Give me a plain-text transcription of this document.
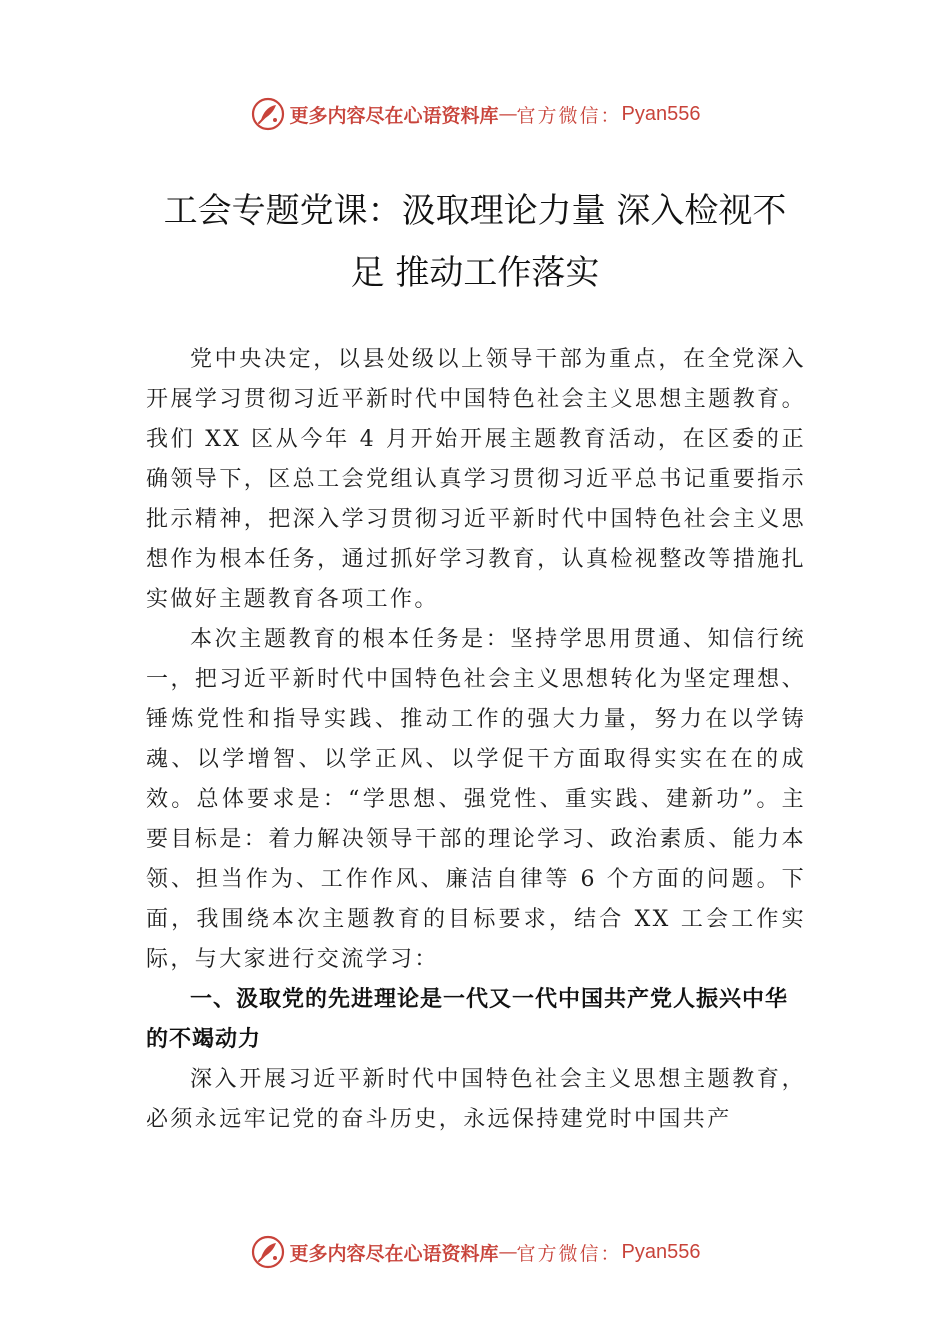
更多内容尽在心语资料库 — 官方微信： Pyan556
工会专题党课：汲取理论力量 深入检视不
足 推动工作落实

党中央决定，以县处级以上领导干部为重点，在全党深入开展学习贯彻习近平新时代中国特色社会主义思想主题教育。我们 XX 区从今年 4 月开始开展主题教育活动，在区委的正确领导下，区总工会党组认真学习贯彻习近平总书记重要指示批示精神，把深入学习贯彻习近平新时代中国特色社会主义思想作为根本任务，通过抓好学习教育，认真检视整改等措施扎实做好主题教育各项工作。

本次主题教育的根本任务是：坚持学思用贯通、知信行统一，把习近平新时代中国特色社会主义思想转化为坚定理想、锤炼党性和指导实践、推动工作的强大力量，努力在以学铸魂、以学增智、以学正风、以学促干方面取得实实在在的成效。总体要求是：“学思想、强党性、重实践、建新功”。主要目标是：着力解决领导干部的理论学习、政治素质、能力本领、担当作为、工作作风、廉洁自律等 6 个方面的问题。下面，我围绕本次主题教育的目标要求，结合 XX 工会工作实际，与大家进行交流学习：

一、汲取党的先进理论是一代又一代中国共产党人振兴中华的不竭动力

深入开展习近平新时代中国特色社会主义思想主题教育，必须永远牢记党的奋斗历史，永远保持建党时中国共产

更多内容尽在心语资料库 — 官方微信： Pyan556
